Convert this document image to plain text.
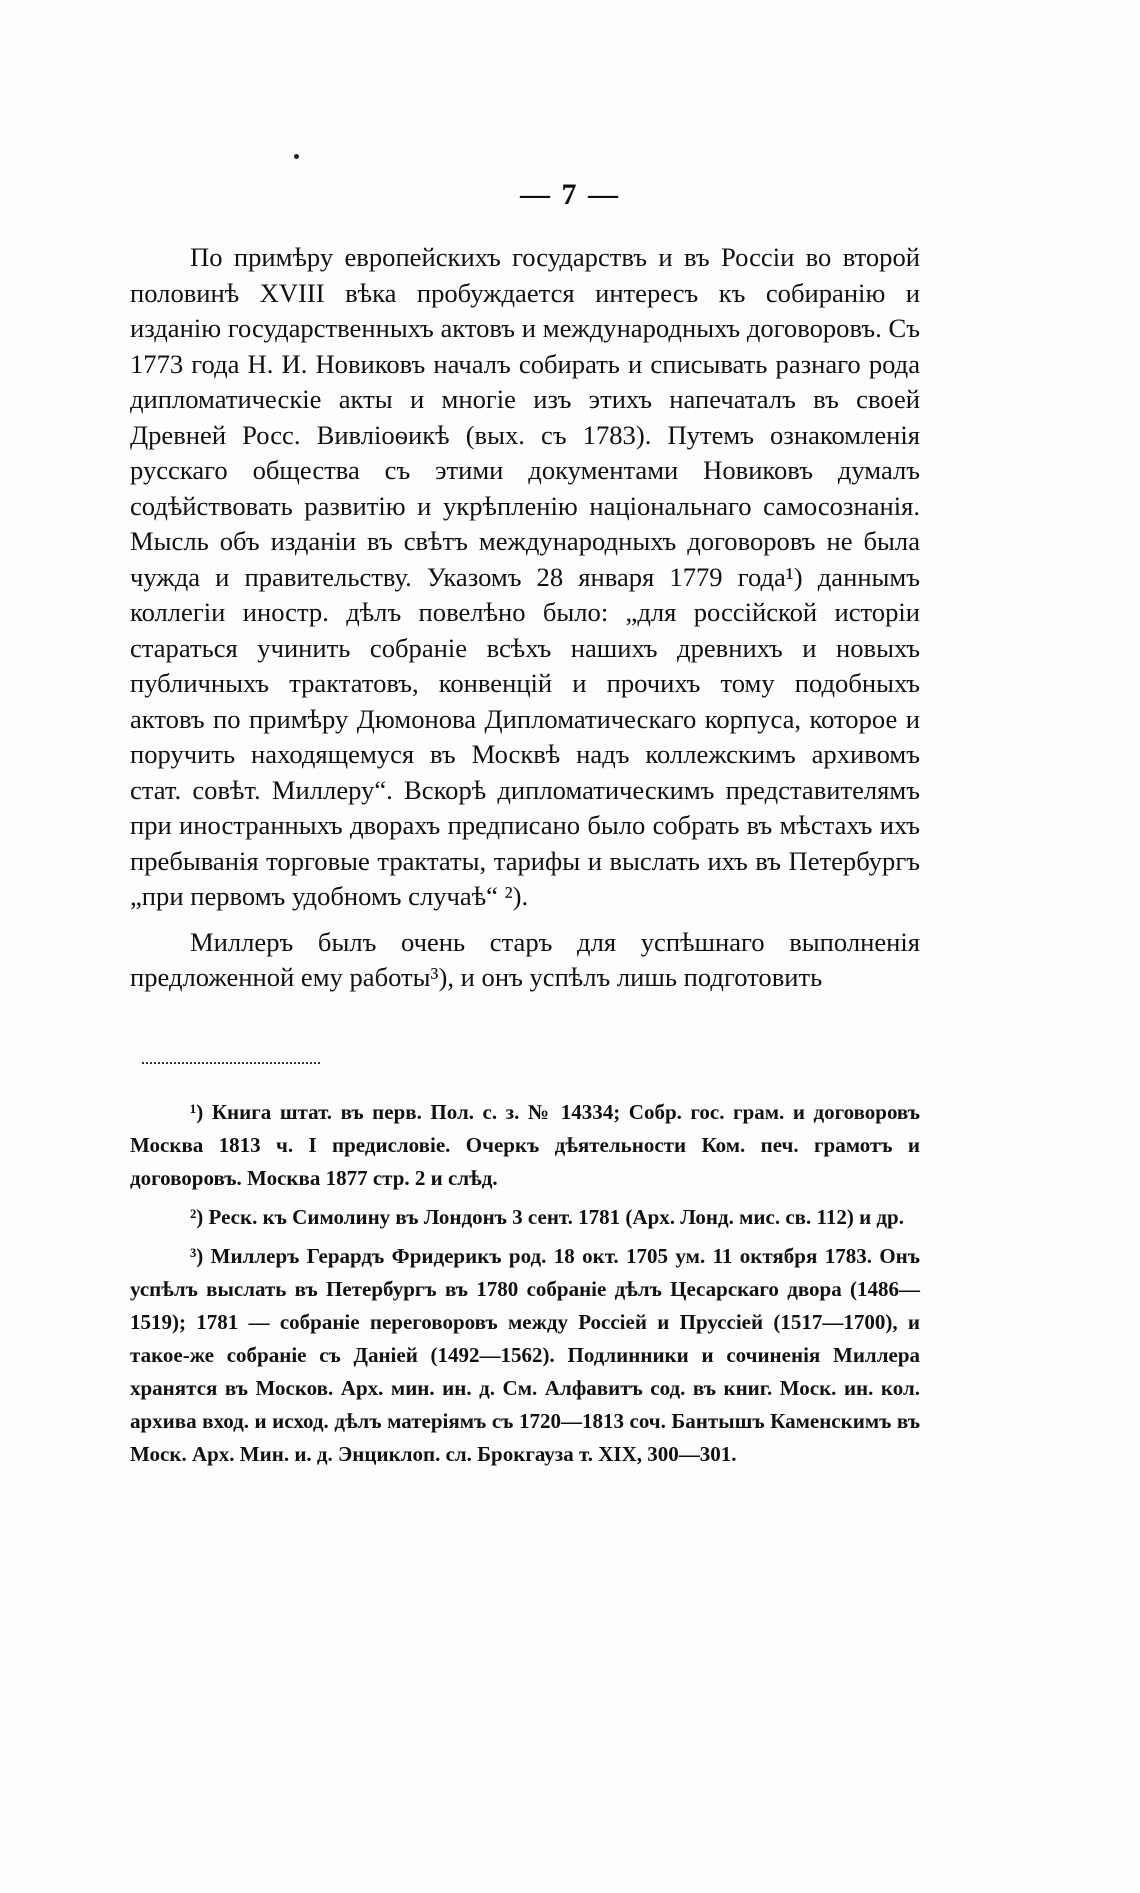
— 7 —

По примѣру европейскихъ государствъ и въ Россіи во второй половинѣ XVIII вѣка пробуждается интересъ къ собиранію и изданію государственныхъ актовъ и международныхъ договоровъ. Съ 1773 года Н. И. Новиковъ началъ собирать и списывать разнаго рода дипломатическіе акты и многіе изъ этихъ напечаталъ въ своей Древней Росс. Вивліоѳикѣ (вых. съ 1783). Путемъ ознакомленія русскаго общества съ этими документами Новиковъ думалъ содѣйствовать развитію и укрѣпленію національнаго самосознанія. Мысль объ изданіи въ свѣтъ международныхъ договоровъ не была чужда и правительству. Указомъ 28 января 1779 года¹) даннымъ коллегіи иностр. дѣлъ повелѣно было: „для россійской исторіи стараться учинить собраніе всѣхъ нашихъ древнихъ и новыхъ публичныхъ трактатовъ, конвенцій и прочихъ тому подобныхъ актовъ по примѣру Дюмонова Дипломатическаго корпуса, которое и поручить находящемуся въ Москвѣ надъ коллежскимъ архивомъ стат. совѣт. Миллеру“. Вскорѣ дипломатическимъ представителямъ при иностранныхъ дворахъ предписано было собрать въ мѣстахъ ихъ пребыванія торговые трактаты, тарифы и выслать ихъ въ Петербургъ „при первомъ удобномъ случаѣ“ ²).

Миллеръ былъ очень старъ для успѣшнаго выполненія предложенной ему работы³), и онъ успѣлъ лишь подготовить

¹) Книга штат. въ перв. Пол. с. з. № 14334; Собр. гос. грам. и договоровъ Москва 1813 ч. I предисловіе. Очеркъ дѣятельности Ком. печ. грамотъ и договоровъ. Москва 1877 стр. 2 и слѣд.

²) Реск. къ Симолину въ Лондонъ 3 сент. 1781 (Арх. Лонд. мис. св. 112) и др.

³) Миллеръ Герардъ Фридерикъ род. 18 окт. 1705 ум. 11 октября 1783. Онъ успѣлъ выслать въ Петербургъ въ 1780 собраніе дѣлъ Цесарскаго двора (1486—1519); 1781 — собраніе переговоровъ между Россіей и Пруссіей (1517—1700), и такое-же собраніе съ Даніей (1492—1562). Подлинники и сочиненія Миллера хранятся въ Москов. Арх. мин. ин. д. См. Алфавитъ сод. въ книг. Моск. ин. кол. архива вход. и исход. дѣлъ матеріямъ съ 1720—1813 соч. Бантышъ Каменскимъ въ Моск. Арх. Мин. и. д. Энциклоп. сл. Брокгауза т. XIX, 300—301.
